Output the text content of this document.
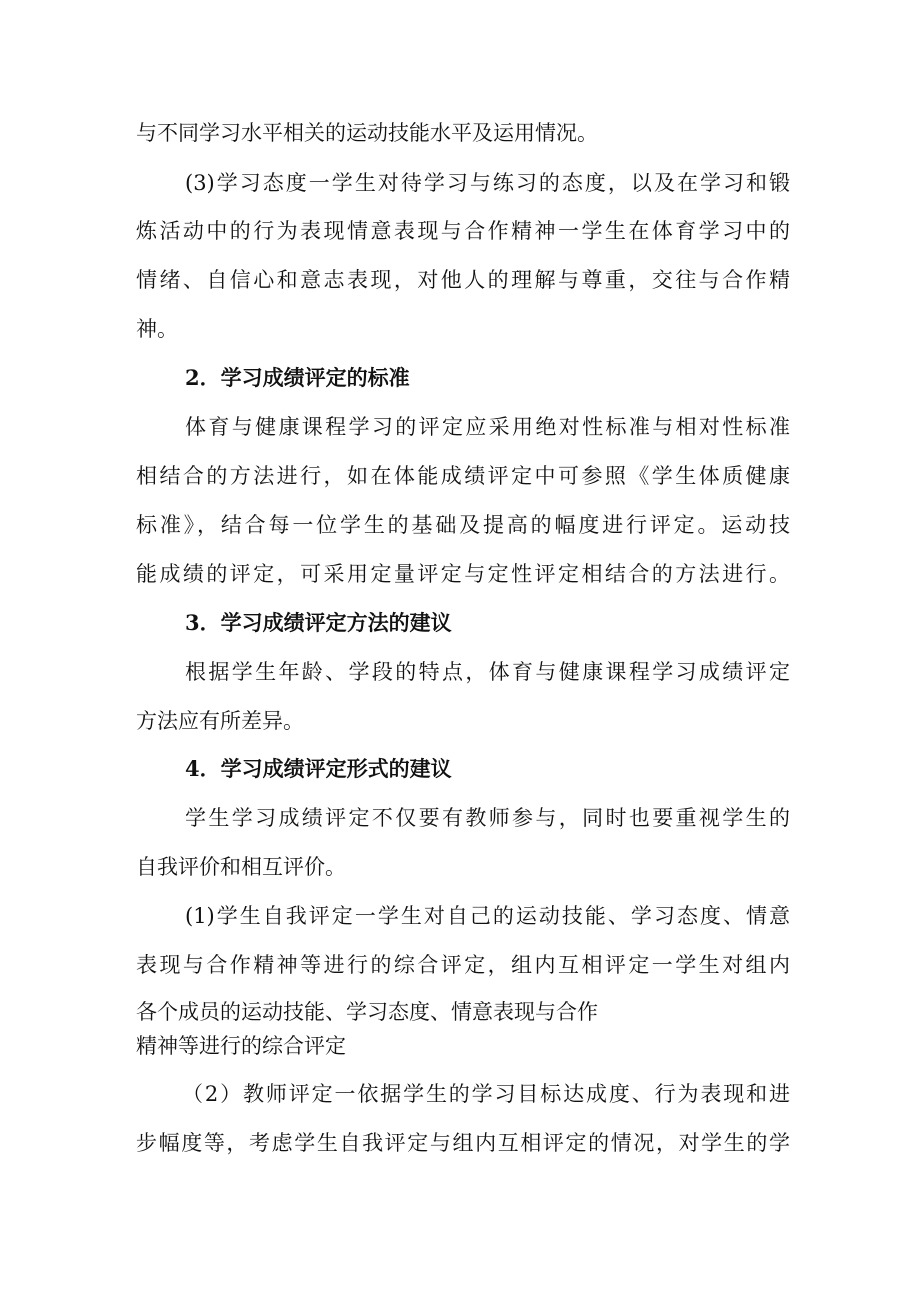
与不同学习水平相关的运动技能水平及运用情况。
(3)学习态度一学生对待学习与练习的态度，以及在学习和锻
炼活动中的行为表现情意表现与合作精神一学生在体育学习中的
情绪、自信心和意志表现，对他人的理解与尊重，交往与合作精
神。
2．学习成绩评定的标准
体育与健康课程学习的评定应采用绝对性标准与相对性标准
相结合的方法进行，如在体能成绩评定中可参照《学生体质健康
标准》，结合每一位学生的基础及提高的幅度进行评定。运动技
能成绩的评定，可采用定量评定与定性评定相结合的方法进行。
3．学习成绩评定方法的建议
根据学生年龄、学段的特点，体育与健康课程学习成绩评定
方法应有所差异。
4．学习成绩评定形式的建议
学生学习成绩评定不仅要有教师参与，同时也要重视学生的
自我评价和相互评价。
(1)学生自我评定一学生对自己的运动技能、学习态度、情意
表现与合作精神等进行的综合评定，组内互相评定一学生对组内
各个成员的运动技能、学习态度、情意表现与合作
精神等进行的综合评定
（2）教师评定一依据学生的学习目标达成度、行为表现和进
步幅度等，考虑学生自我评定与组内互相评定的情况，对学生的学
